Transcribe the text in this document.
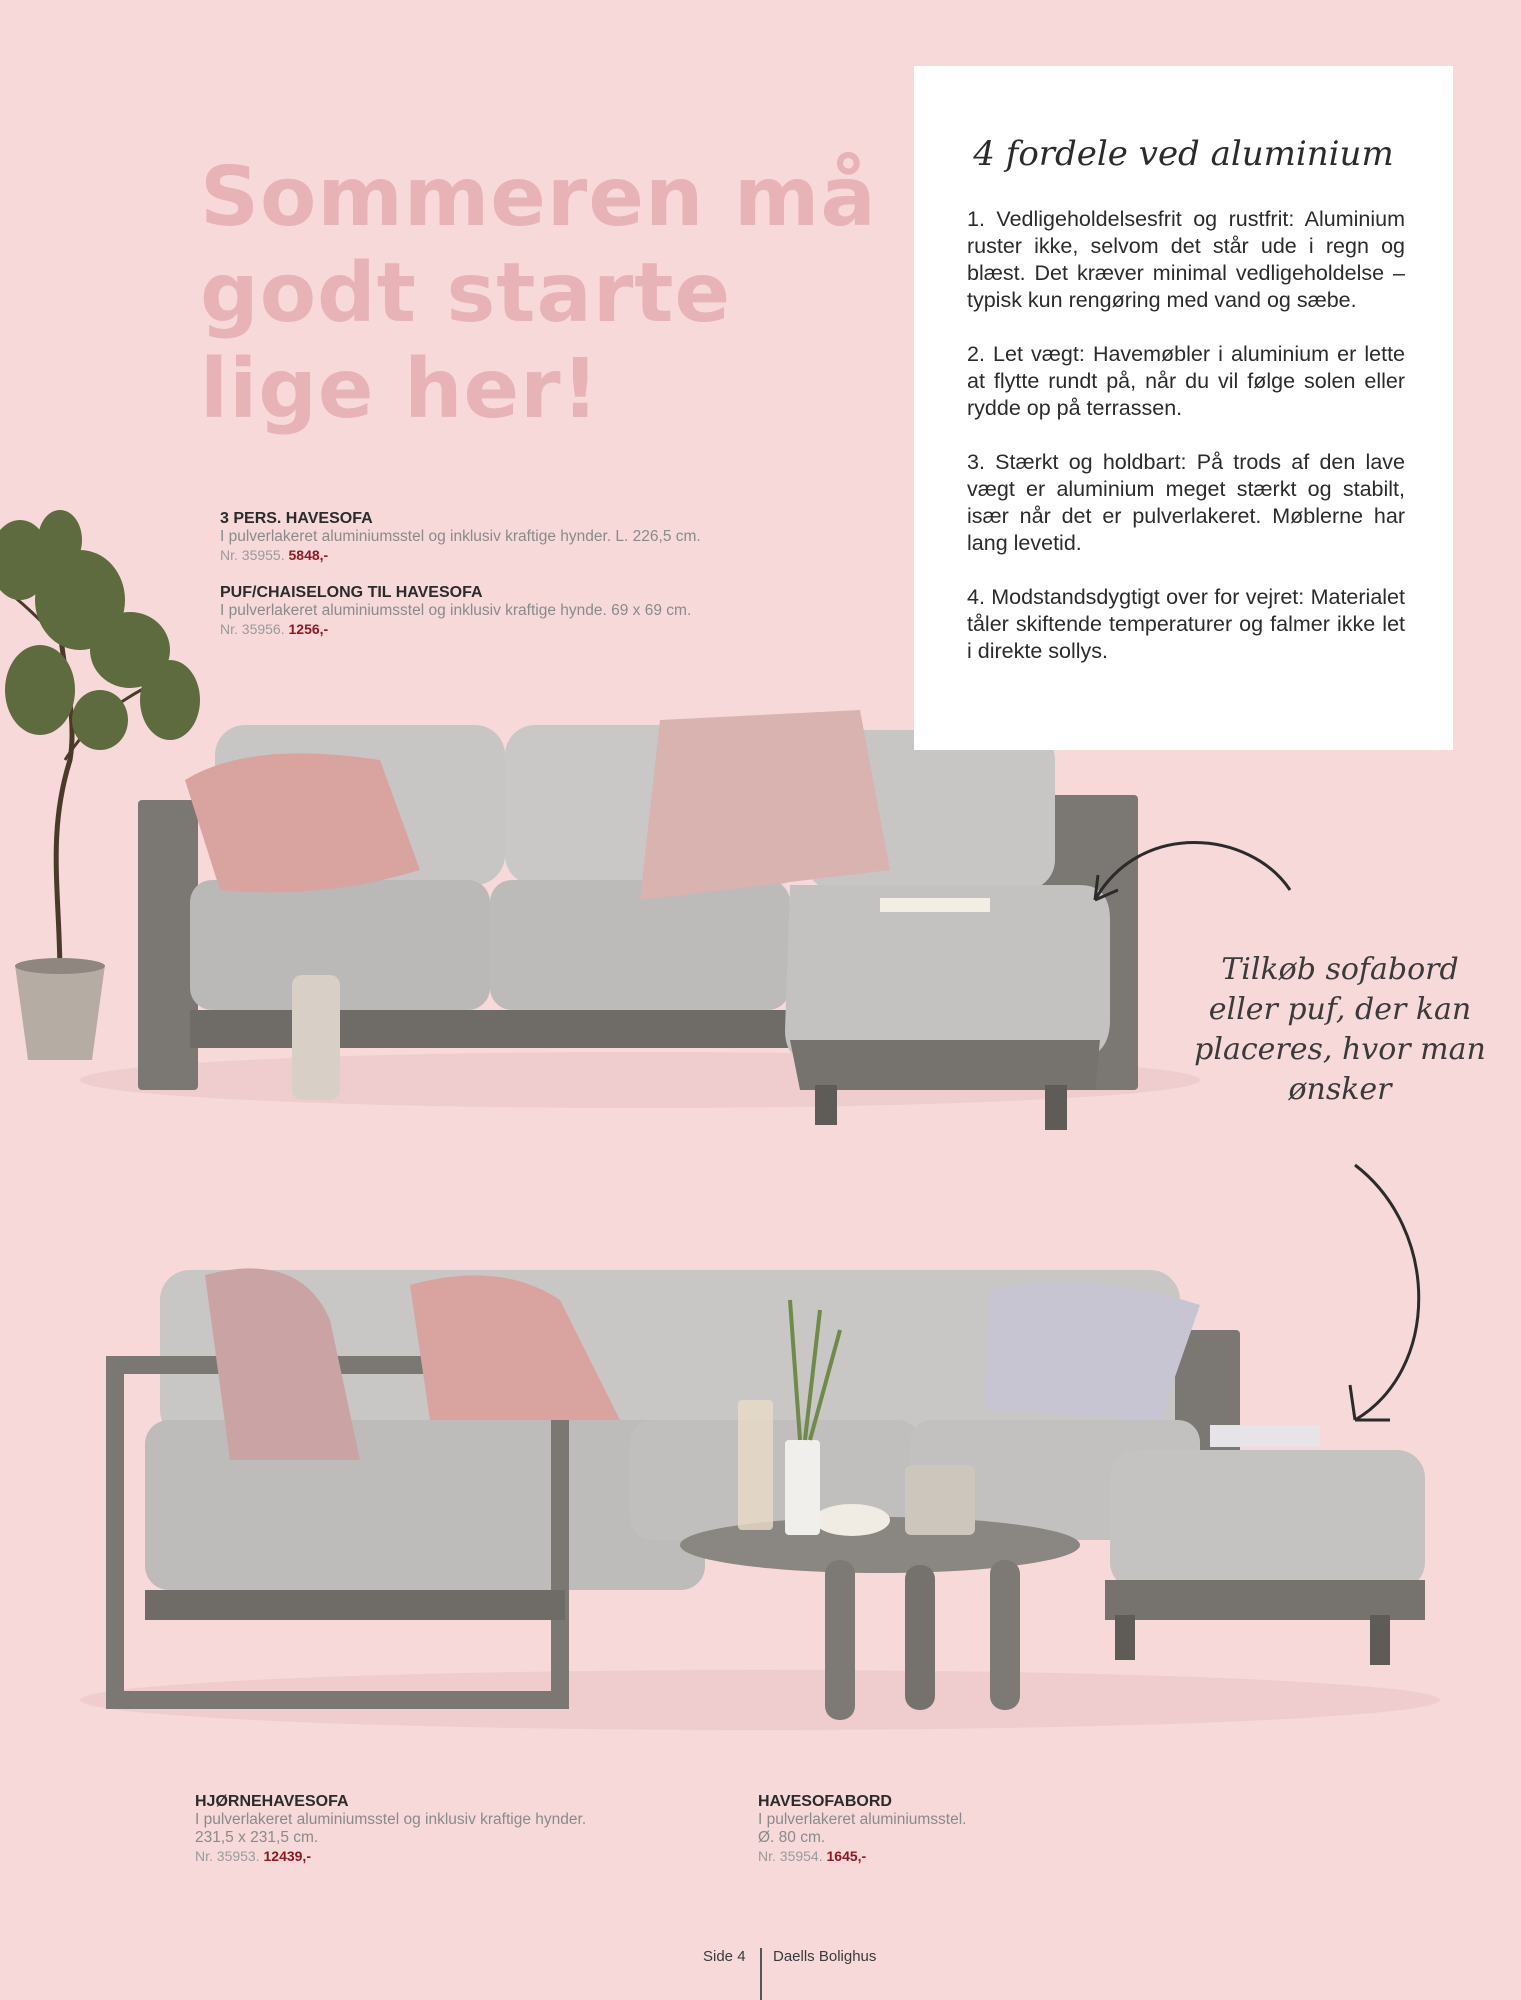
Sommeren må
godt starte
lige her!
4 fordele ved aluminium
1. Vedligeholdelsesfrit og rustfrit: Aluminium ruster ikke, selvom det står ude i regn og blæst. Det kræver minimal vedligeholdelse – typisk kun rengøring med vand og sæbe.
2. Let vægt: Havemøbler i aluminium er lette at flytte rundt på, når du vil følge solen eller rydde op på terrassen.
3. Stærkt og holdbart: På trods af den lave vægt er aluminium meget stærkt og stabilt, især når det er pulverlakeret. Møblerne har lang levetid.
4. Modstandsdygtigt over for vejret: Materialet tåler skiftende temperaturer og falmer ikke let i direkte sollys.
3 PERS. HAVESOFA
I pulverlakeret aluminiumsstel og inklusiv kraftige hynder. L. 226,5 cm.
Nr. 35955. 5848,-
PUF/CHAISELONG TIL HAVESOFA
I pulverlakeret aluminiumsstel og inklusiv kraftige hynde. 69 x 69 cm.
Nr. 35956. 1256,-
HJØRNEHAVESOFA
I pulverlakeret aluminiumsstel og inklusiv kraftige hynder.
231,5 x 231,5 cm.
Nr. 35953. 12439,-
HAVESOFABORD
I pulverlakeret aluminiumsstel.
Ø. 80 cm.
Nr. 35954. 1645,-
Tilkøb sofabord
eller puf, der kan
placeres, hvor man
ønsker
Side 4 Daells Bolighus
